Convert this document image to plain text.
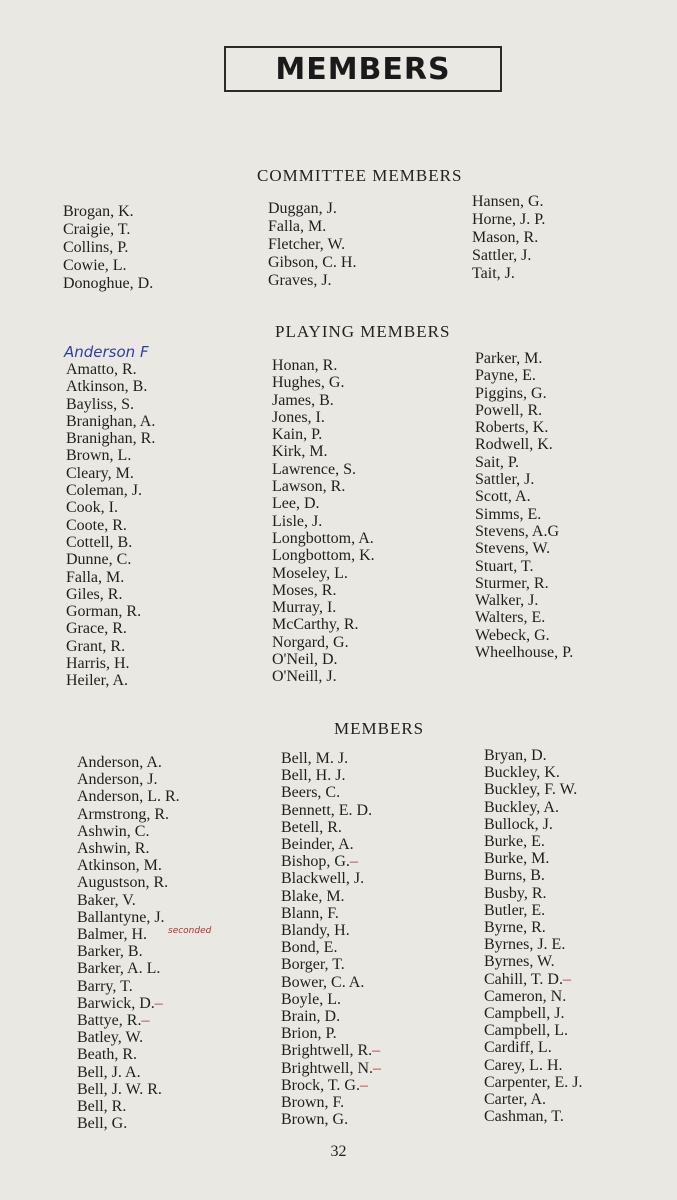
MEMBERS
COMMITTEE MEMBERS
Brogan, K.
Craigie, T.
Collins, P.
Cowie, L.
Donoghue, D.
Duggan, J.
Falla, M.
Fletcher, W.
Gibson, C. H.
Graves, J.
Hansen, G.
Horne, J. P.
Mason, R.
Sattler, J.
Tait, J.
PLAYING MEMBERS
Anderson F
Amatto, R.
Atkinson, B.
Bayliss, S.
Branighan, A.
Branighan, R.
Brown, L.
Cleary, M.
Coleman, J.
Cook, I.
Coote, R.
Cottell, B.
Dunne, C.
Falla, M.
Giles, R.
Gorman, R.
Grace, R.
Grant, R.
Harris, H.
Heiler, A.
Honan, R.
Hughes, G.
James, B.
Jones, I.
Kain, P.
Kirk, M.
Lawrence, S.
Lawson, R.
Lee, D.
Lisle, J.
Longbottom, A.
Longbottom, K.
Moseley, L.
Moses, R.
Murray, I.
McCarthy, R.
Norgard, G.
O'Neil, D.
O'Neill, J.
Parker, M.
Payne, E.
Piggins, G.
Powell, R.
Roberts, K.
Rodwell, K.
Sait, P.
Sattler, J.
Scott, A.
Simms, E.
Stevens, A.G
Stevens, W.
Stuart, T.
Sturmer, R.
Walker, J.
Walters, E.
Webeck, G.
Wheelhouse, P.
MEMBERS
seconded
Anderson, A.
Anderson, J.
Anderson, L. R.
Armstrong, R.
Ashwin, C.
Ashwin, R.
Atkinson, M.
Augustson, R.
Baker, V.
Ballantyne, J.
Balmer, H.
Barker, B.
Barker, A. L.
Barry, T.
Barwick, D.–
Battye, R.–
Batley, W.
Beath, R.
Bell, J. A.
Bell, J. W. R.
Bell, R.
Bell, G.
Bell, M. J.
Bell, H. J.
Beers, C.
Bennett, E. D.
Betell, R.
Beinder, A.
Bishop, G.–
Blackwell, J.
Blake, M.
Blann, F.
Blandy, H.
Bond, E.
Borger, T.
Bower, C. A.
Boyle, L.
Brain, D.
Brion, P.
Brightwell, R.–
Brightwell, N.–
Brock, T. G.–
Brown, F.
Brown, G.
Bryan, D.
Buckley, K.
Buckley, F. W.
Buckley, A.
Bullock, J.
Burke, E.
Burke, M.
Burns, B.
Busby, R.
Butler, E.
Byrne, R.
Byrnes, J. E.
Byrnes, W.
Cahill, T. D.–
Cameron, N.
Campbell, J.
Campbell, L.
Cardiff, L.
Carey, L. H.
Carpenter, E. J.
Carter, A.
Cashman, T.
32
